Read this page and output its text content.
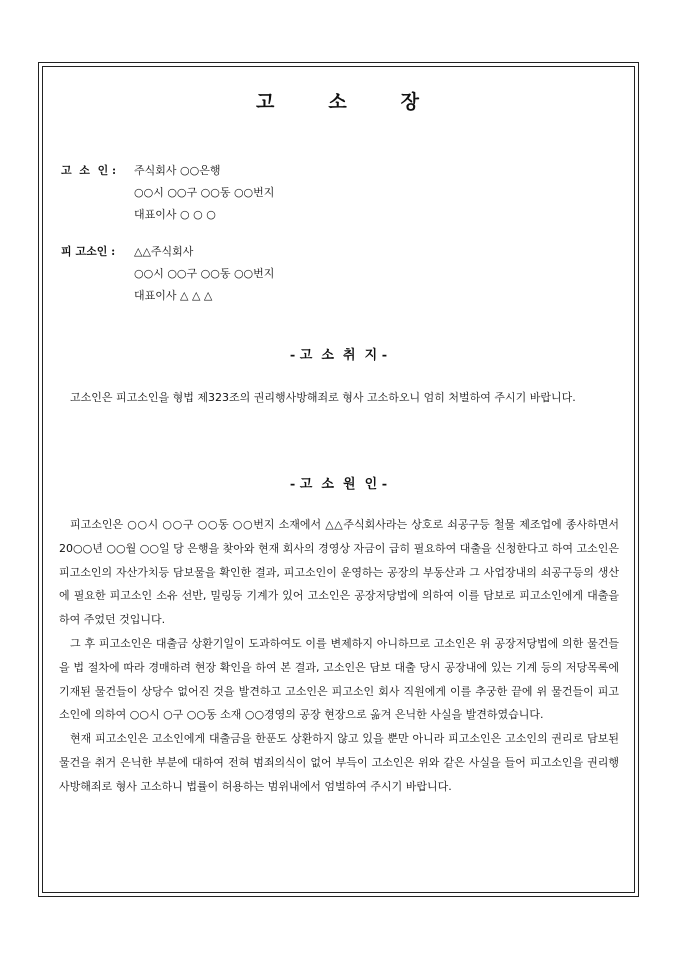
고	소	장
고  소  인 :	주식회사 ○○은행
○○시 ○○구 ○○동 ○○번지
대표이사 ○ ○ ○
피 고소인 :	△△주식회사
○○시 ○○구 ○○동 ○○번지
대표이사 △ △ △
- 고  소  취  지 -

고소인은 피고소인을 형법 제323조의 권리행사방해죄로 형사 고소하오니 엄히 처벌하여 주시기 바랍니다.

- 고  소  원  인 -

피고소인은 ○○시 ○○구 ○○동 ○○번지 소재에서 △△주식회사라는 상호로 쇠공구등 철물 제조업에 종사하면서 20○○년 ○○월 ○○일 당 은행을 찾아와 현재 회사의 경영상 자금이 급히 필요하여 대출을 신청한다고 하여 고소인은 피고소인의 자산가치등 담보물을 확인한 결과, 피고소인이 운영하는 공장의 부동산과 그 사업장내의 쇠공구등의 생산에 필요한 피고소인 소유 선반, 밀링등 기계가 있어 고소인은 공장저당법에 의하여 이를 담보로 피고소인에게 대출을 하여 주었던 것입니다.

그 후 피고소인은 대출금 상환기일이 도과하여도 이를 변제하지 아니하므로 고소인은 위 공장저당법에 의한 물건들을 법 절차에 따라 경매하려 현장 확인을 하여 본 결과, 고소인은 담보 대출 당시 공장내에 있는 기계 등의 저당목록에 기재된 물건들이 상당수 없어진 것을 발견하고 고소인은 피고소인 회사 직원에게 이를 추궁한 끝에 위 물건들이 피고소인에 의하여 ○○시 ○구 ○○동 소재 ○○경영의 공장 현장으로 옮겨 은닉한 사실을 발견하였습니다.

현재 피고소인은 고소인에게 대출금을 한푼도 상환하지 않고 있을 뿐만 아니라 피고소인은 고소인의 권리로 담보된 물건을 취거 은닉한 부분에 대하여 전혀 범죄의식이 없어 부득이 고소인은 위와 같은 사실을 들어 피고소인을 권리행사방해죄로 형사 고소하니 법률이 허용하는 범위내에서 엄벌하여 주시기 바랍니다.
